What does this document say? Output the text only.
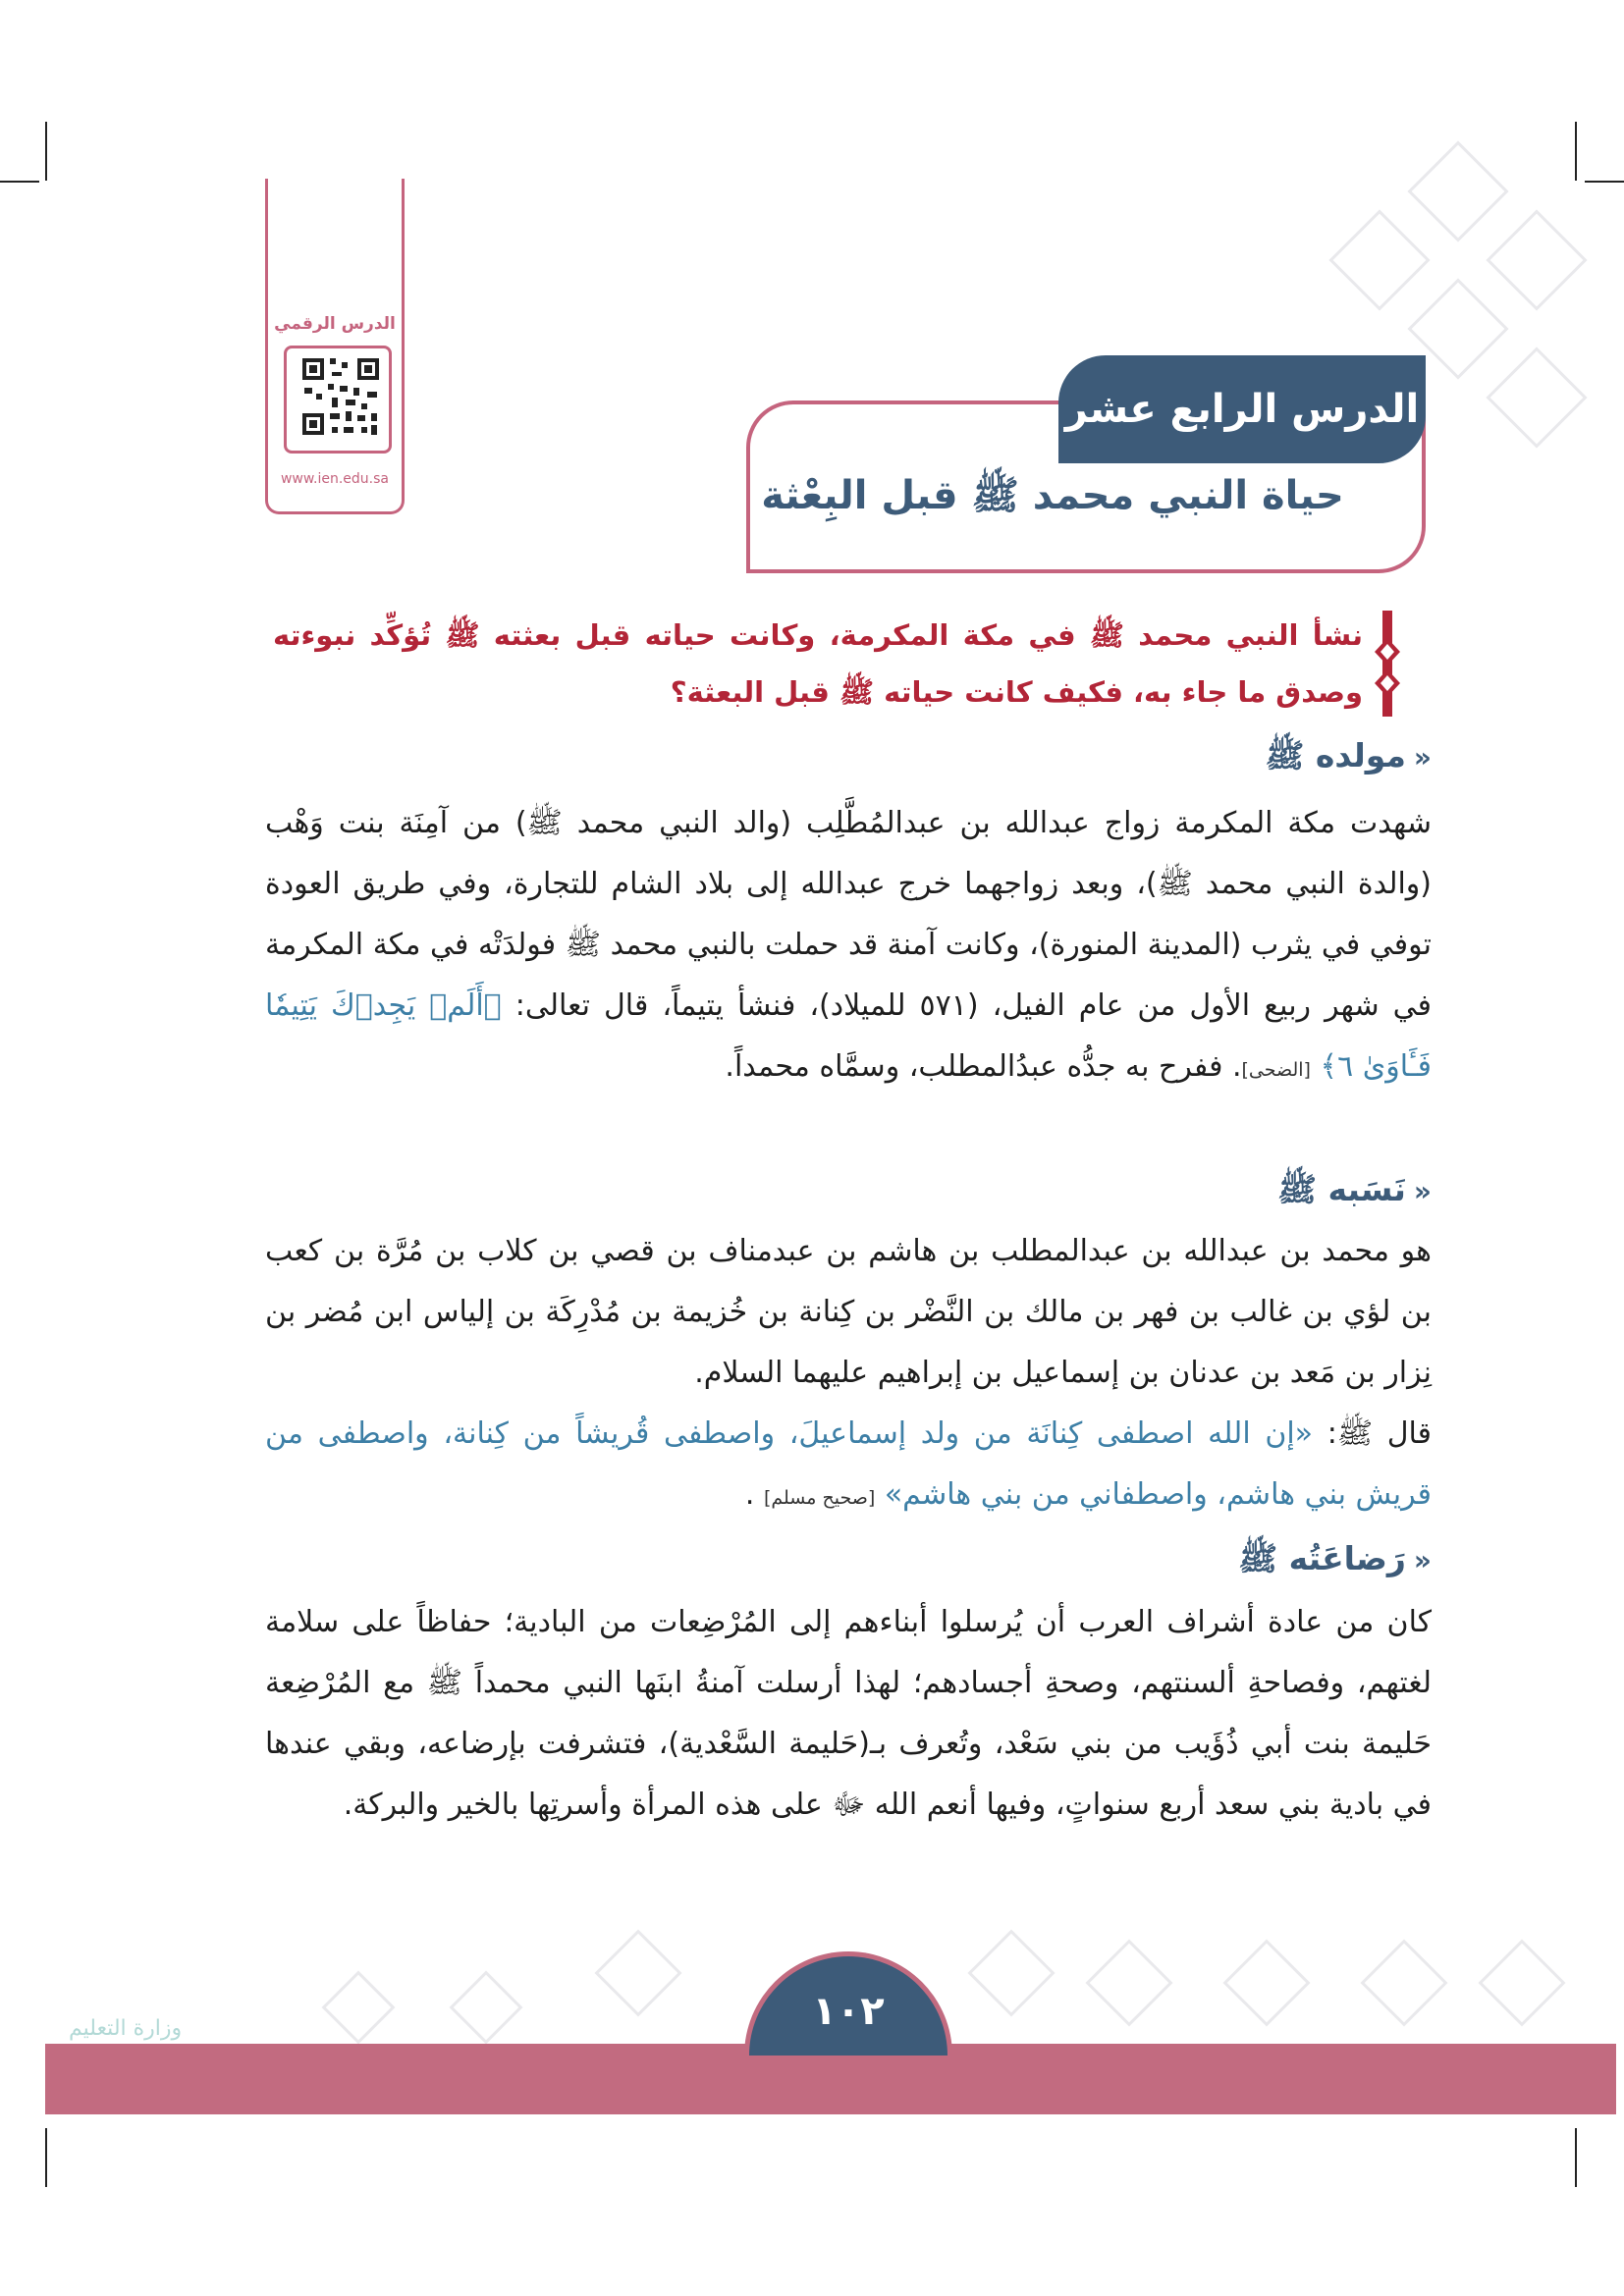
الدرس الرقمي
www.ien.edu.sa
الدرس الرابع عشر
حياة النبي محمد ﷺ قبل البِعْثة
نشأ النبي محمد ﷺ في مكة المكرمة، وكانت حياته قبل بعثته ﷺ تُؤكِّد نبوءته وصدق ما جاء به، فكيف كانت حياته ﷺ قبل البعثة؟
«مولده ﷺ
شهدت مكة المكرمة زواج عبدالله بن عبدالمُطَّلِب (والد النبي محمد ﷺ) من آمِنَة بنت وَهْب (والدة النبي محمد ﷺ)، وبعد زواجهما خرج عبدالله إلى بلاد الشام للتجارة، وفي طريق العودة توفي في يثرب (المدينة المنورة)، وكانت آمنة قد حملت بالنبي محمد ﷺ فولدَتْه في مكة المكرمة في شهر ربيع الأول من عام الفيل، (٥٧١ للميلاد)، فنشأ يتيماً، قال تعالى: ﴿أَلَمۡ يَجِدۡكَ يَتِيمٗا فَـَٔاوَىٰ ٦﴾ [الضحى]. ففرح به جدُّه عبدُالمطلب، وسمَّاه محمداً.
«نَسَبه ﷺ
هو محمد بن عبدالله بن عبدالمطلب بن هاشم بن عبدمناف بن قصي بن كلاب بن مُرَّة بن كعب بن لؤي بن غالب بن فهر بن مالك بن النَّضْر بن كِنانة بن خُزيمة بن مُدْرِكَة بن إلياس ابن مُضر بن نِزار بن مَعد بن عدنان بن إسماعيل بن إبراهيم عليهما السلام.
قال ﷺ: «إن الله اصطفى كِنانَة من ولد إسماعيلَ، واصطفى قُريشاً من كِنانة، واصطفى من قريش بني هاشم، واصطفاني من بني هاشم» [صحيح مسلم] .
«رَضاعَتُه ﷺ
كان من عادة أشراف العرب أن يُرسلوا أبناءهم إلى المُرْضِعات من البادية؛ حفاظاً على سلامة لغتهم، وفصاحةِ ألسنتهم، وصحةِ أجسادهم؛ لهذا أرسلت آمنةُ ابنَها النبي محمداً ﷺ مع المُرْضِعة حَليمة بنت أبي ذُؤَيب من بني سَعْد، وتُعرف بـ(حَليمة السَّعْدية)، فتشرفت بإرضاعه، وبقي عندها في بادية بني سعد أربع سنواتٍ، وفيها أنعم الله ﷻ على هذه المرأة وأسرتِها بالخير والبركة.
١٠٢
وزارة التعليم
